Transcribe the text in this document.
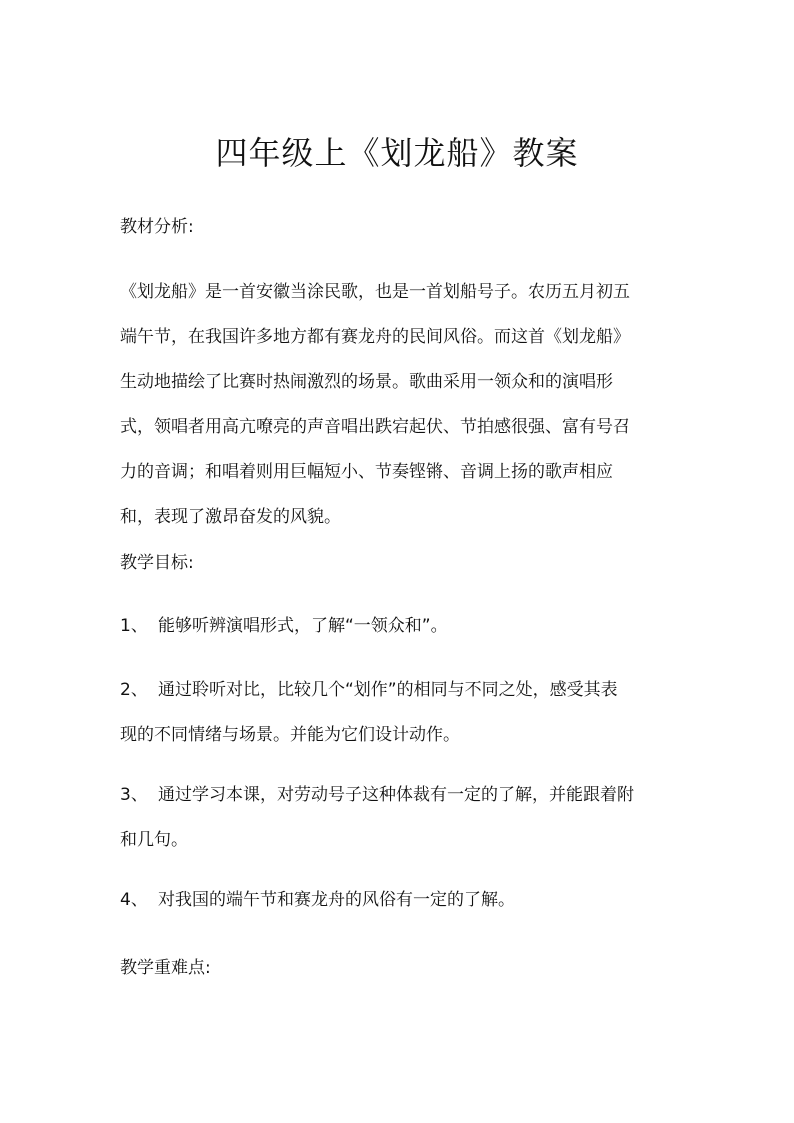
四年级上《划龙船》教案
教材分析:
《划龙船》是一首安徽当涂民歌，也是一首划船号子。农历五月初五
端午节，在我国许多地方都有赛龙舟的民间风俗。而这首《划龙船》
生动地描绘了比赛时热闹激烈的场景。歌曲采用一领众和的演唱形
式，领唱者用高亢嘹亮的声音唱出跌宕起伏、节拍感很强、富有号召
力的音调；和唱着则用巨幅短小、节奏铿锵、音调上扬的歌声相应
和，表现了激昂奋发的风貌。
教学目标:
1、 能够听辨演唱形式，了解“一领众和”。
2、 通过聆听对比，比较几个“划作”的相同与不同之处，感受其表
现的不同情绪与场景。并能为它们设计动作。
3、 通过学习本课，对劳动号子这种体裁有一定的了解，并能跟着附
和几句。
4、 对我国的端午节和赛龙舟的风俗有一定的了解。
教学重难点:
